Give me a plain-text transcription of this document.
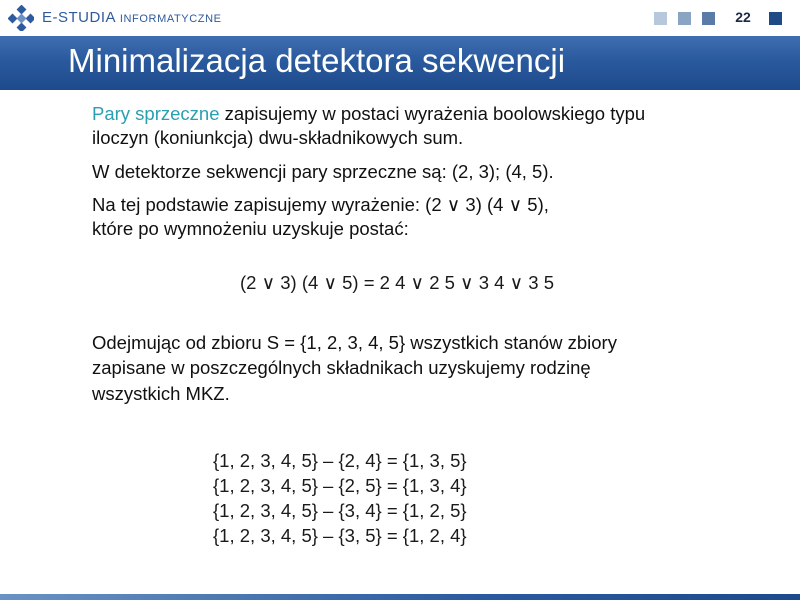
E-STUDIA INFORMATYCZNE	22
Minimalizacja detektora sekwencji
Pary sprzeczne zapisujemy w postaci wyrażenia boolowskiego typu
iloczyn (koniunkcja) dwu-składnikowych sum.
W detektorze sekwencji pary sprzeczne są: (2, 3); (4, 5).
Na tej podstawie zapisujemy wyrażenie: (2 ∨ 3) (4 ∨ 5),
które po wymnożeniu uzyskuje postać:
Odejmując od zbioru S = {1, 2, 3, 4, 5} wszystkich stanów zbiory
zapisane w poszczególnych składnikach uzyskujemy rodzinę
wszystkich MKZ.
(2 ∨ 3) (4 ∨ 5) = 2 4 ∨ 2 5 ∨ 3 4 ∨ 3 5
{1, 2, 3, 4, 5} – {2, 4} = {1, 3, 5}
{1, 2, 3, 4, 5} – {2, 5} = {1, 3, 4}
{1, 2, 3, 4, 5} – {3, 4} = {1, 2, 5}
{1, 2, 3, 4, 5} – {3, 5} = {1, 2, 4}
